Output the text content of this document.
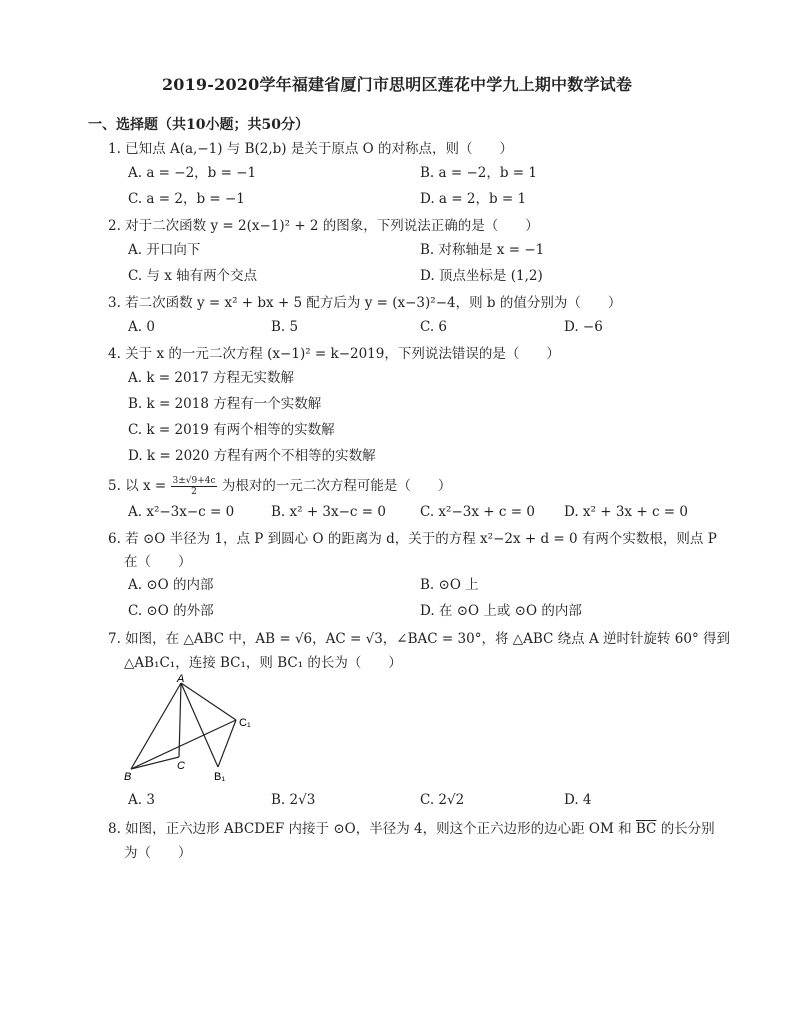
2019-2020学年福建省厦门市思明区莲花中学九上期中数学试卷
一、选择题（共10小题；共50分）
1. 已知点 A(a,−1) 与 B(2,b) 是关于原点 O 的对称点，则（　　）
A. a = −2，b = −1	B. a = −2，b = 1
C. a = 2，b = −1	D. a = 2，b = 1
2. 对于二次函数 y = 2(x−1)² + 2 的图象，下列说法正确的是（　　）
A. 开口向下	B. 对称轴是 x = −1
C. 与 x 轴有两个交点	D. 顶点坐标是 (1,2)
3. 若二次函数 y = x² + bx + 5 配方后为 y = (x−3)²−4，则 b 的值分别为（　　）
A. 0	B. 5	C. 6	D. −6
4. 关于 x 的一元二次方程 (x−1)² = k−2019，下列说法错误的是（　　）
A. k = 2017 方程无实数解
B. k = 2018 方程有一个实数解
C. k = 2019 有两个相等的实数解
D. k = 2020 方程有两个不相等的实数解
5. 以 $x = \frac{3\pm√9+4c}{2}$ 为根对的一元二次方程可能是（　　）
A. x²−3x−c = 0	B. x² + 3x−c = 0	C. x²−3x + c = 0 D. x² + 3x + c = 0
6. 若 ⊙O 半径为 1，点 P 到圆心 O 的距离为 d，关于的方程 x²−2x + d = 0 有两个实数根，则点 P
在（　　）
A. ⊙O 的内部	B. ⊙O 上
C. ⊙O 的外部	D. 在 ⊙O 上或 ⊙O 的内部
7. 如图，在 △ABC 中，AB = √6，AC = √3，∠BAC = 30°，将 △ABC 绕点 A 逆时针旋转 60° 得到
△AB₁C₁，连接 BC₁，则 BC₁ 的长为（　　）
A
C₁
B
C
B₁
A. 3	B. 2√3	C. 2√2	D. 4
8. 如图，正六边形 ABCDEF 内接于 ⊙O，半径为 4，则这个正六边形的边心距 OM 和 $\overline{BC}$ 的长分别
为（　　）
